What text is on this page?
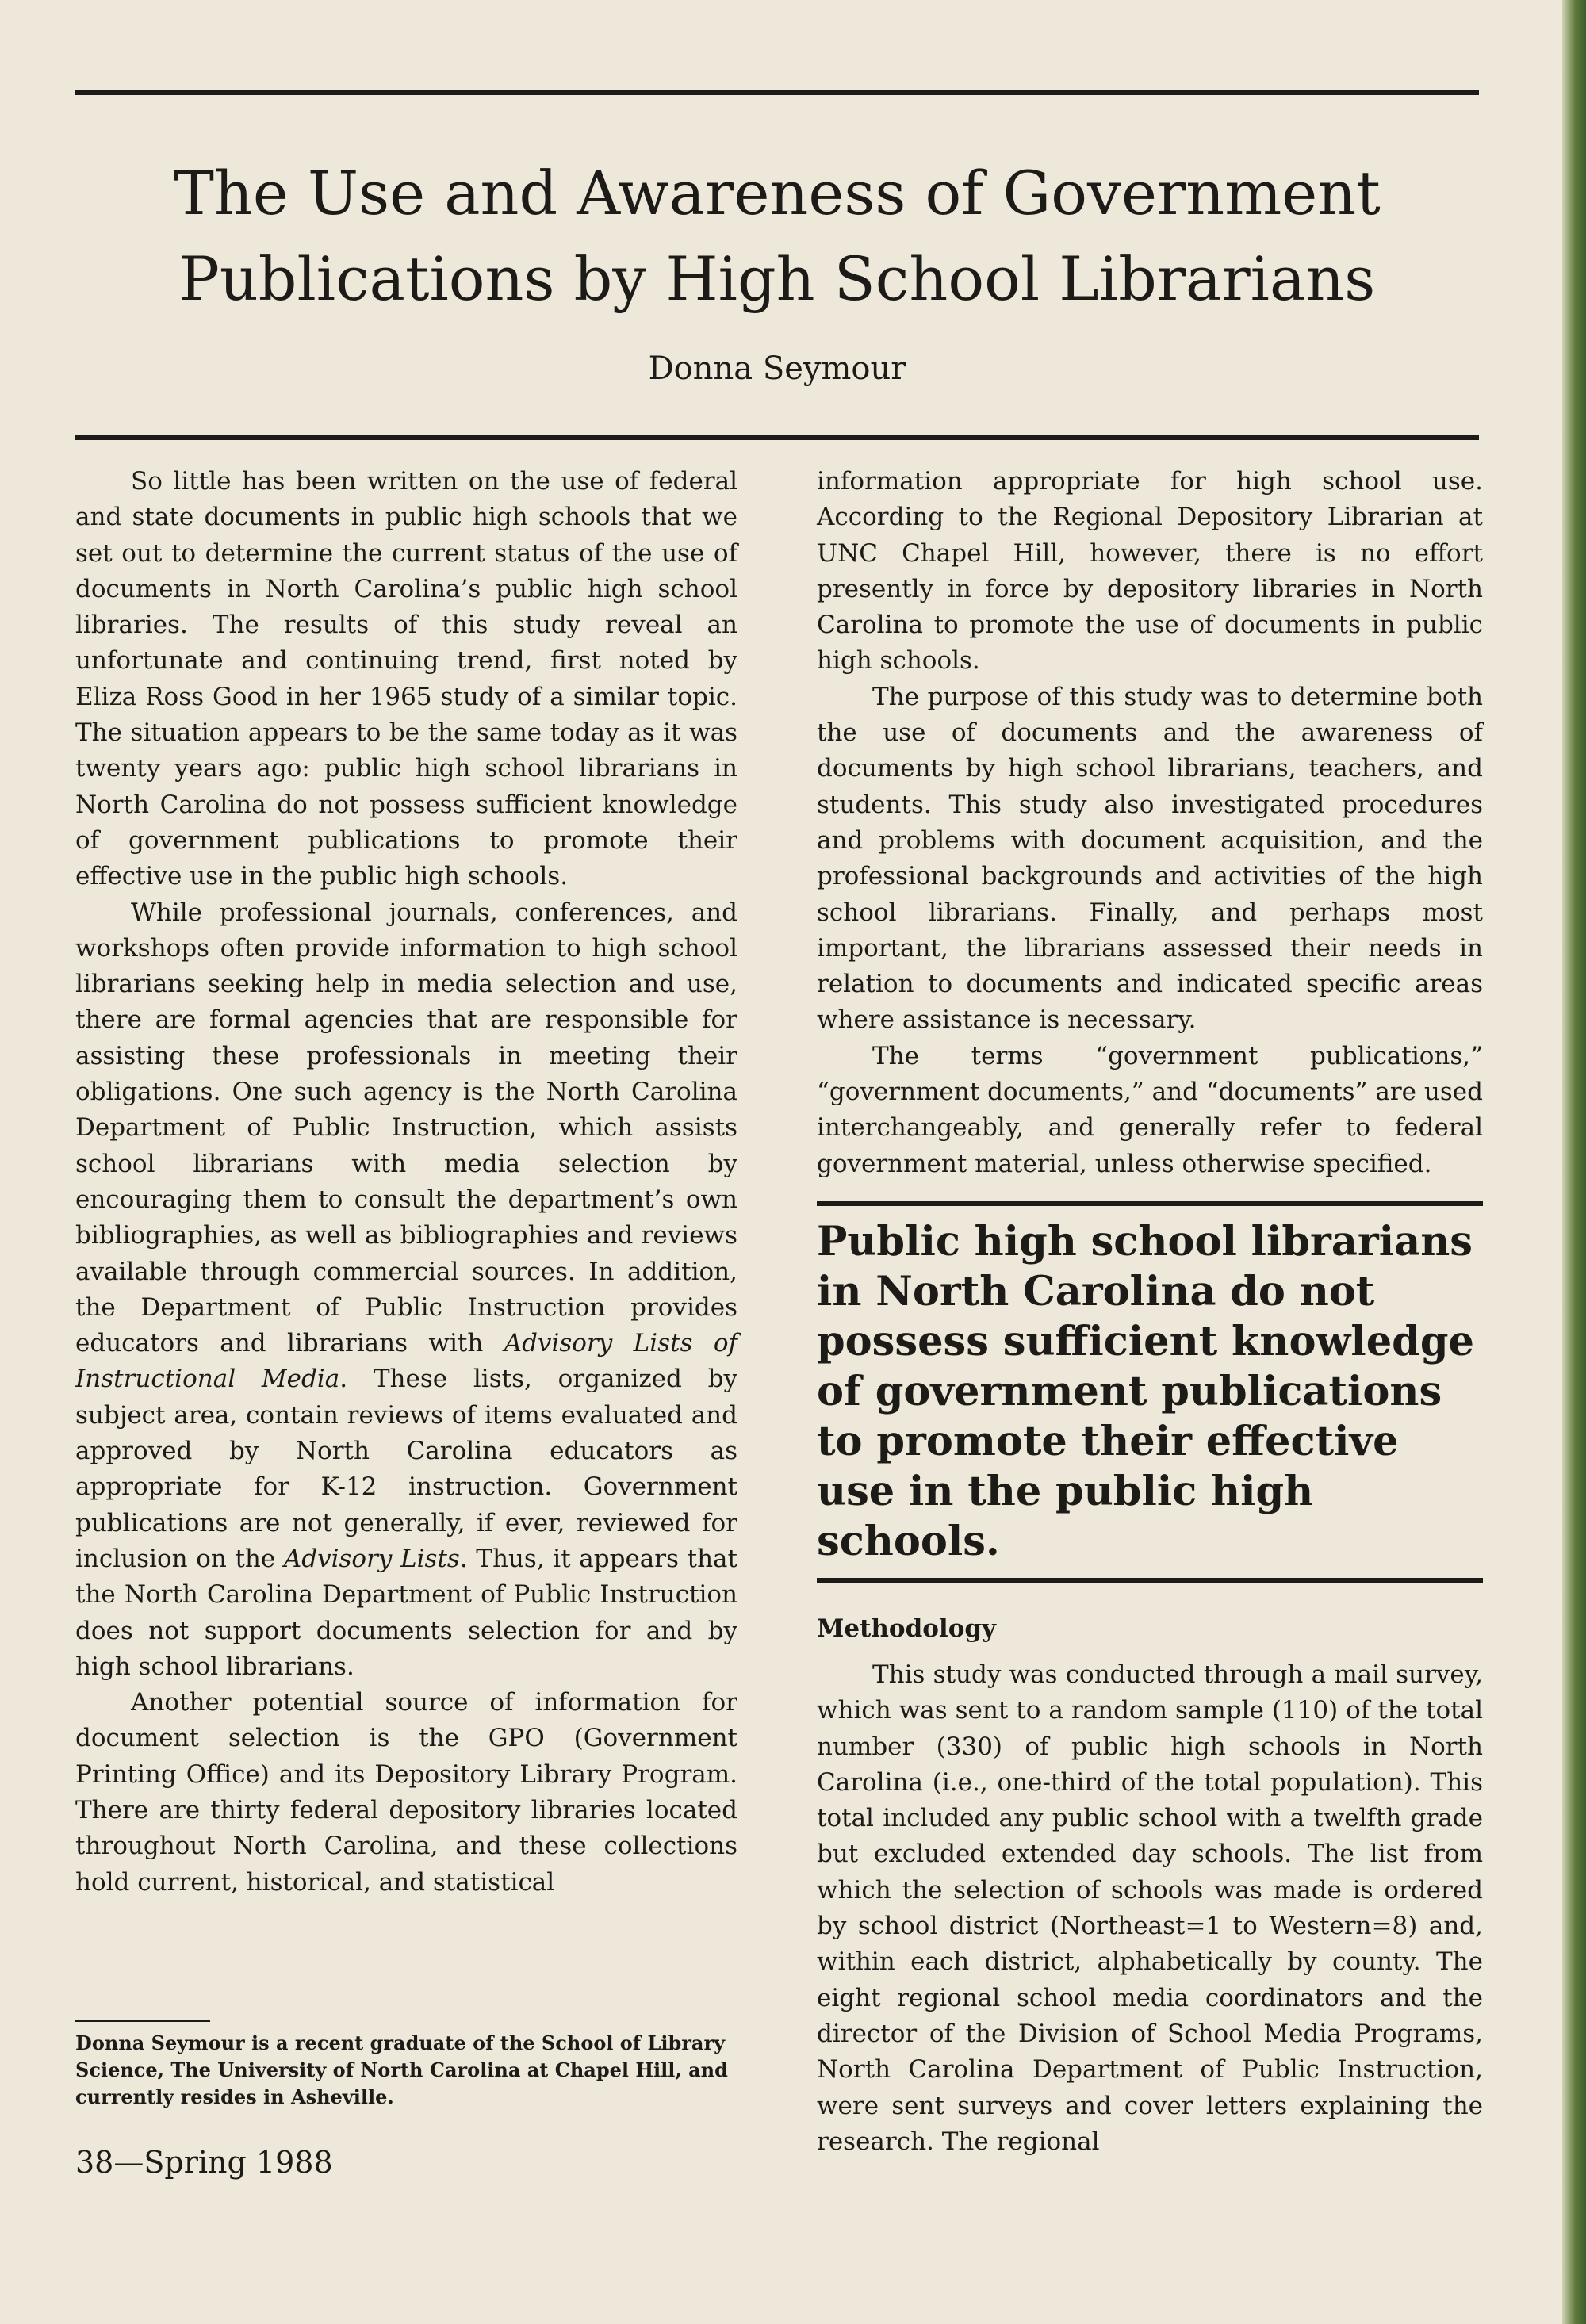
The Use and Awareness of Government
Publications by High School Librarians

Donna Seymour

So little has been written on the use of federal and state documents in public high schools that we set out to determine the current status of the use of documents in North Carolina’s public high school libraries. The results of this study reveal an unfortunate and continuing trend, first noted by Eliza Ross Good in her 1965 study of a similar topic. The situation appears to be the same today as it was twenty years ago: public high school librarians in North Carolina do not possess sufficient knowledge of government publications to promote their effective use in the public high schools.

While professional journals, conferences, and workshops often provide information to high school librarians seeking help in media selection and use, there are formal agencies that are responsible for assisting these professionals in meeting their obligations. One such agency is the North Carolina Department of Public Instruction, which assists school librarians with media selection by encouraging them to consult the department’s own bibliographies, as well as bibliographies and reviews available through commercial sources. In addition, the Department of Public Instruction provides educators and librarians with Advisory Lists of Instructional Media. These lists, organized by subject area, contain reviews of items evaluated and approved by North Carolina educators as appropriate for K-12 instruction. Government publications are not generally, if ever, reviewed for inclusion on the Advisory Lists. Thus, it appears that the North Carolina Department of Public Instruction does not support documents selection for and by high school librarians.

Another potential source of information for document selection is the GPO (Government Printing Office) and its Depository Library Program. There are thirty federal depository libraries located throughout North Carolina, and these collections hold current, historical, and statistical

information appropriate for high school use. According to the Regional Depository Librarian at UNC Chapel Hill, however, there is no effort presently in force by depository libraries in North Carolina to promote the use of documents in public high schools.

The purpose of this study was to determine both the use of documents and the awareness of documents by high school librarians, teachers, and students. This study also investigated procedures and problems with document acquisition, and the professional backgrounds and activities of the high school librarians. Finally, and perhaps most important, the librarians assessed their needs in relation to documents and indicated specific areas where assistance is necessary.

The terms “government publications,” “government documents,” and “documents” are used interchangeably, and generally refer to federal government material, unless otherwise specified.

Public high school librarians in North Carolina do not possess sufficient knowledge of government publications to promote their effective use in the public high schools.

Methodology

This study was conducted through a mail survey, which was sent to a random sample (110) of the total number (330) of public high schools in North Carolina (i.e., one-third of the total population). This total included any public school with a twelfth grade but excluded extended day schools. The list from which the selection of schools was made is ordered by school district (Northeast=1 to Western=8) and, within each district, alphabetically by county. The eight regional school media coordinators and the director of the Division of School Media Programs, North Carolina Department of Public Instruction, were sent surveys and cover letters explaining the research. The regional

Donna Seymour is a recent graduate of the School of Library Science, The University of North Carolina at Chapel Hill, and currently resides in Asheville.

38—Spring 1988
